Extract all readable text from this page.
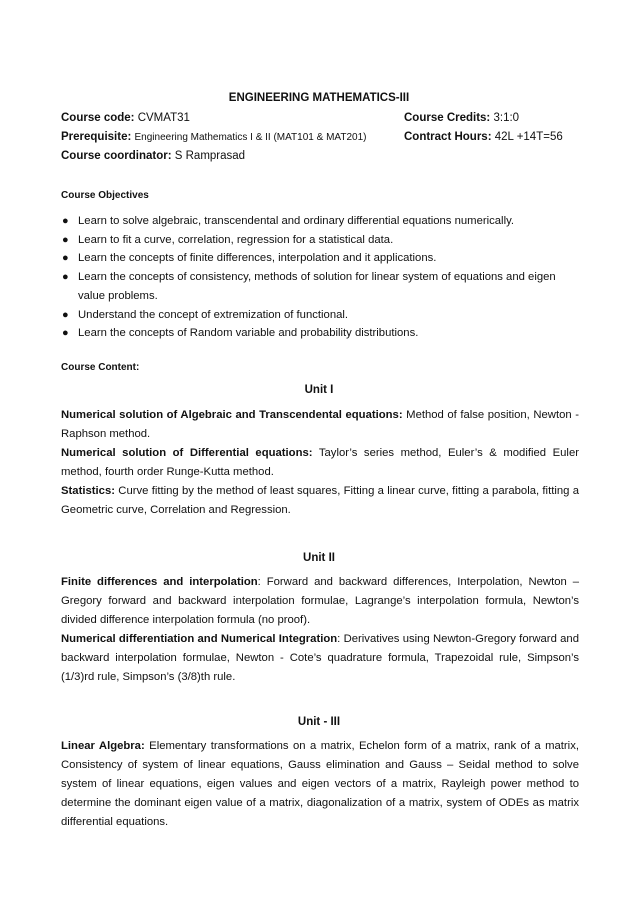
ENGINEERING MATHEMATICS-III
Course code: CVMAT31	Course Credits: 3:1:0
Prerequisite: Engineering Mathematics I & II (MAT101 & MAT201)	Contract Hours: 42L +14T=56
Course coordinator: S Ramprasad
Course Objectives
● Learn to solve algebraic, transcendental and ordinary differential equations numerically.
● Learn to fit a curve, correlation, regression for a statistical data.
● Learn the concepts of finite differences, interpolation and it applications.
● Learn the concepts of consistency, methods of solution for linear system of equations and eigen value problems.
● Understand the concept of extremization of functional.
● Learn the concepts of Random variable and probability distributions.
Course Content:
Unit I

Numerical solution of Algebraic and Transcendental equations: Method of false position, Newton - Raphson method.

Numerical solution of Differential equations: Taylor’s series method, Euler’s & modified Euler method, fourth order Runge-Kutta method.

Statistics: Curve fitting by the method of least squares, Fitting a linear curve, fitting a parabola, fitting a Geometric curve, Correlation and Regression.

Unit II

Finite differences and interpolation: Forward and backward differences, Interpolation, Newton – Gregory forward and backward interpolation formulae, Lagrange’s interpolation formula, Newton’s divided difference interpolation formula (no proof).

Numerical differentiation and Numerical Integration: Derivatives using Newton-Gregory forward and backward interpolation formulae, Newton - Cote’s quadrature formula, Trapezoidal rule, Simpson’s (1/3)rd rule, Simpson’s (3/8)th rule.

Unit - III

Linear Algebra: Elementary transformations on a matrix, Echelon form of a matrix, rank of a matrix, Consistency of system of linear equations, Gauss elimination and Gauss – Seidal method to solve system of linear equations, eigen values and eigen vectors of a matrix, Rayleigh power method to determine the dominant eigen value of a matrix, diagonalization of a matrix, system of ODEs as matrix differential equations.
